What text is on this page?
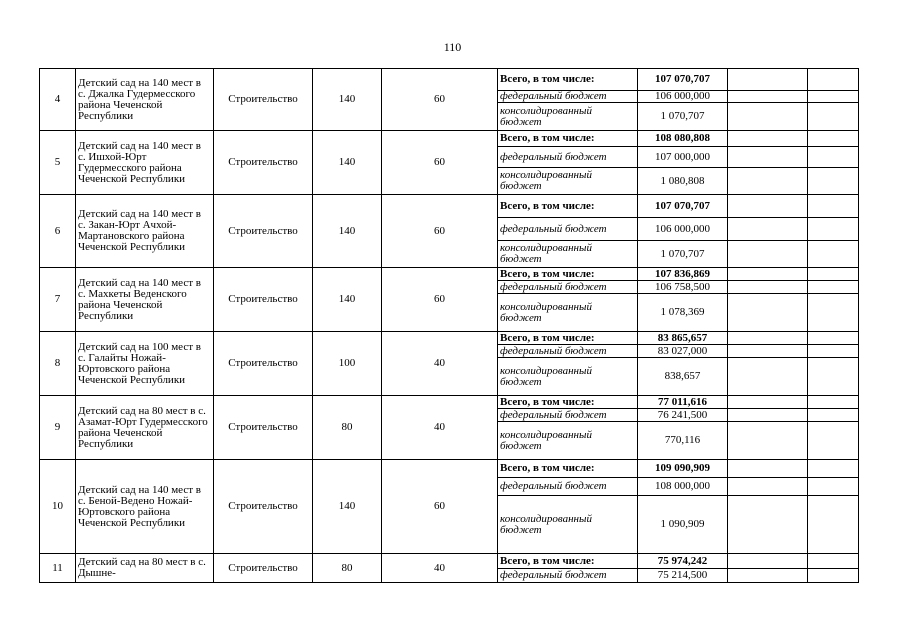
110
4	Детский сад на 140 мест в с. Джалка Гудермесского района Чеченской Республики	Строительство	140	60	Всего, в том числе:	107 070,707		
					федеральный бюджет	106 000,000		
					консолидированный бюджет	1 070,707		
5	Детский сад на 140 мест в с. Ишхой-Юрт Гудермесского района Чеченской Республики	Строительство	140	60	Всего, в том числе:	108 080,808		
					федеральный бюджет	107 000,000		
					консолидированный бюджет	1 080,808		
6	Детский сад на 140 мест в с. Закан-Юрт Ачхой-Мартановского района Чеченской Республики	Строительство	140	60	Всего, в том числе:	107 070,707		
					федеральный бюджет	106 000,000		
					консолидированный бюджет	1 070,707		
7	Детский сад на 140 мест в с. Махкеты Веденского района Чеченской Республики	Строительство	140	60	Всего, в том числе:	107 836,869		
					федеральный бюджет	106 758,500		
					консолидированный бюджет	1 078,369		
8	Детский сад на 100 мест в с. Галайты Ножай-Юртовского района Чеченской Республики	Строительство	100	40	Всего, в том числе:	83 865,657		
					федеральный бюджет	83 027,000		
					консолидированный бюджет	838,657		
9	Детский сад на 80 мест в с. Азамат-Юрт Гудермесского района Чеченской Республики	Строительство	80	40	Всего, в том числе:	77 011,616		
					федеральный бюджет	76 241,500		
					консолидированный бюджет	770,116		
10	Детский сад на 140 мест в с. Беной-Ведено Ножай-Юртовского района Чеченской Республики	Строительство	140	60	Всего, в том числе:	109 090,909		
					федеральный бюджет	108 000,000		
					консолидированный бюджет	1 090,909		
11	Детский сад на 80 мест в с. Дышне-	Строительство	80	40	Всего, в том числе:	75 974,242		
					федеральный бюджет	75 214,500		
